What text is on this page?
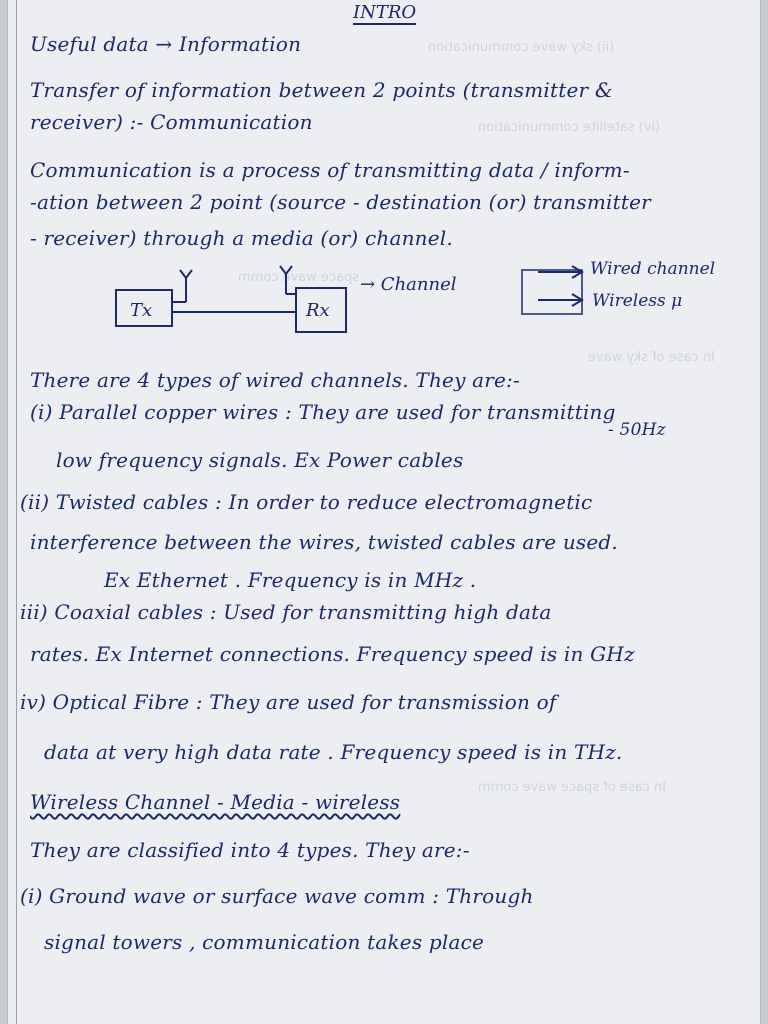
(ii) sky wave communication
(iv) satellite communication
space wave comm
In case of sky wave
In case of space wave comm
INTRO
Useful data → Information
Transfer of information between 2 points (transmitter &
receiver) :- Communication
Communication is a process of transmitting data / inform-
-ation between 2 point (source - destination (or) transmitter
- receiver) through a media (or) channel.
Tx	Rx
→ Channel
Wired channel
Wireless μ
There are 4 types of wired channels. They are:-
(i) Parallel copper wires : They are used for transmitting
- 50Hz
low frequency signals. Ex Power cables
(ii) Twisted cables : In order to reduce electromagnetic
interference between the wires, twisted cables are used.
Ex Ethernet . Frequency is in MHz .
iii) Coaxial cables : Used for transmitting high data
rates. Ex Internet connections. Frequency speed is in GHz
iv) Optical Fibre : They are used for transmission of
data at very high data rate . Frequency speed is in THz.
Wireless Channel - Media - wireless
They are classified into 4 types. They are:-
(i) Ground wave or surface wave comm : Through
signal towers , communication takes place
